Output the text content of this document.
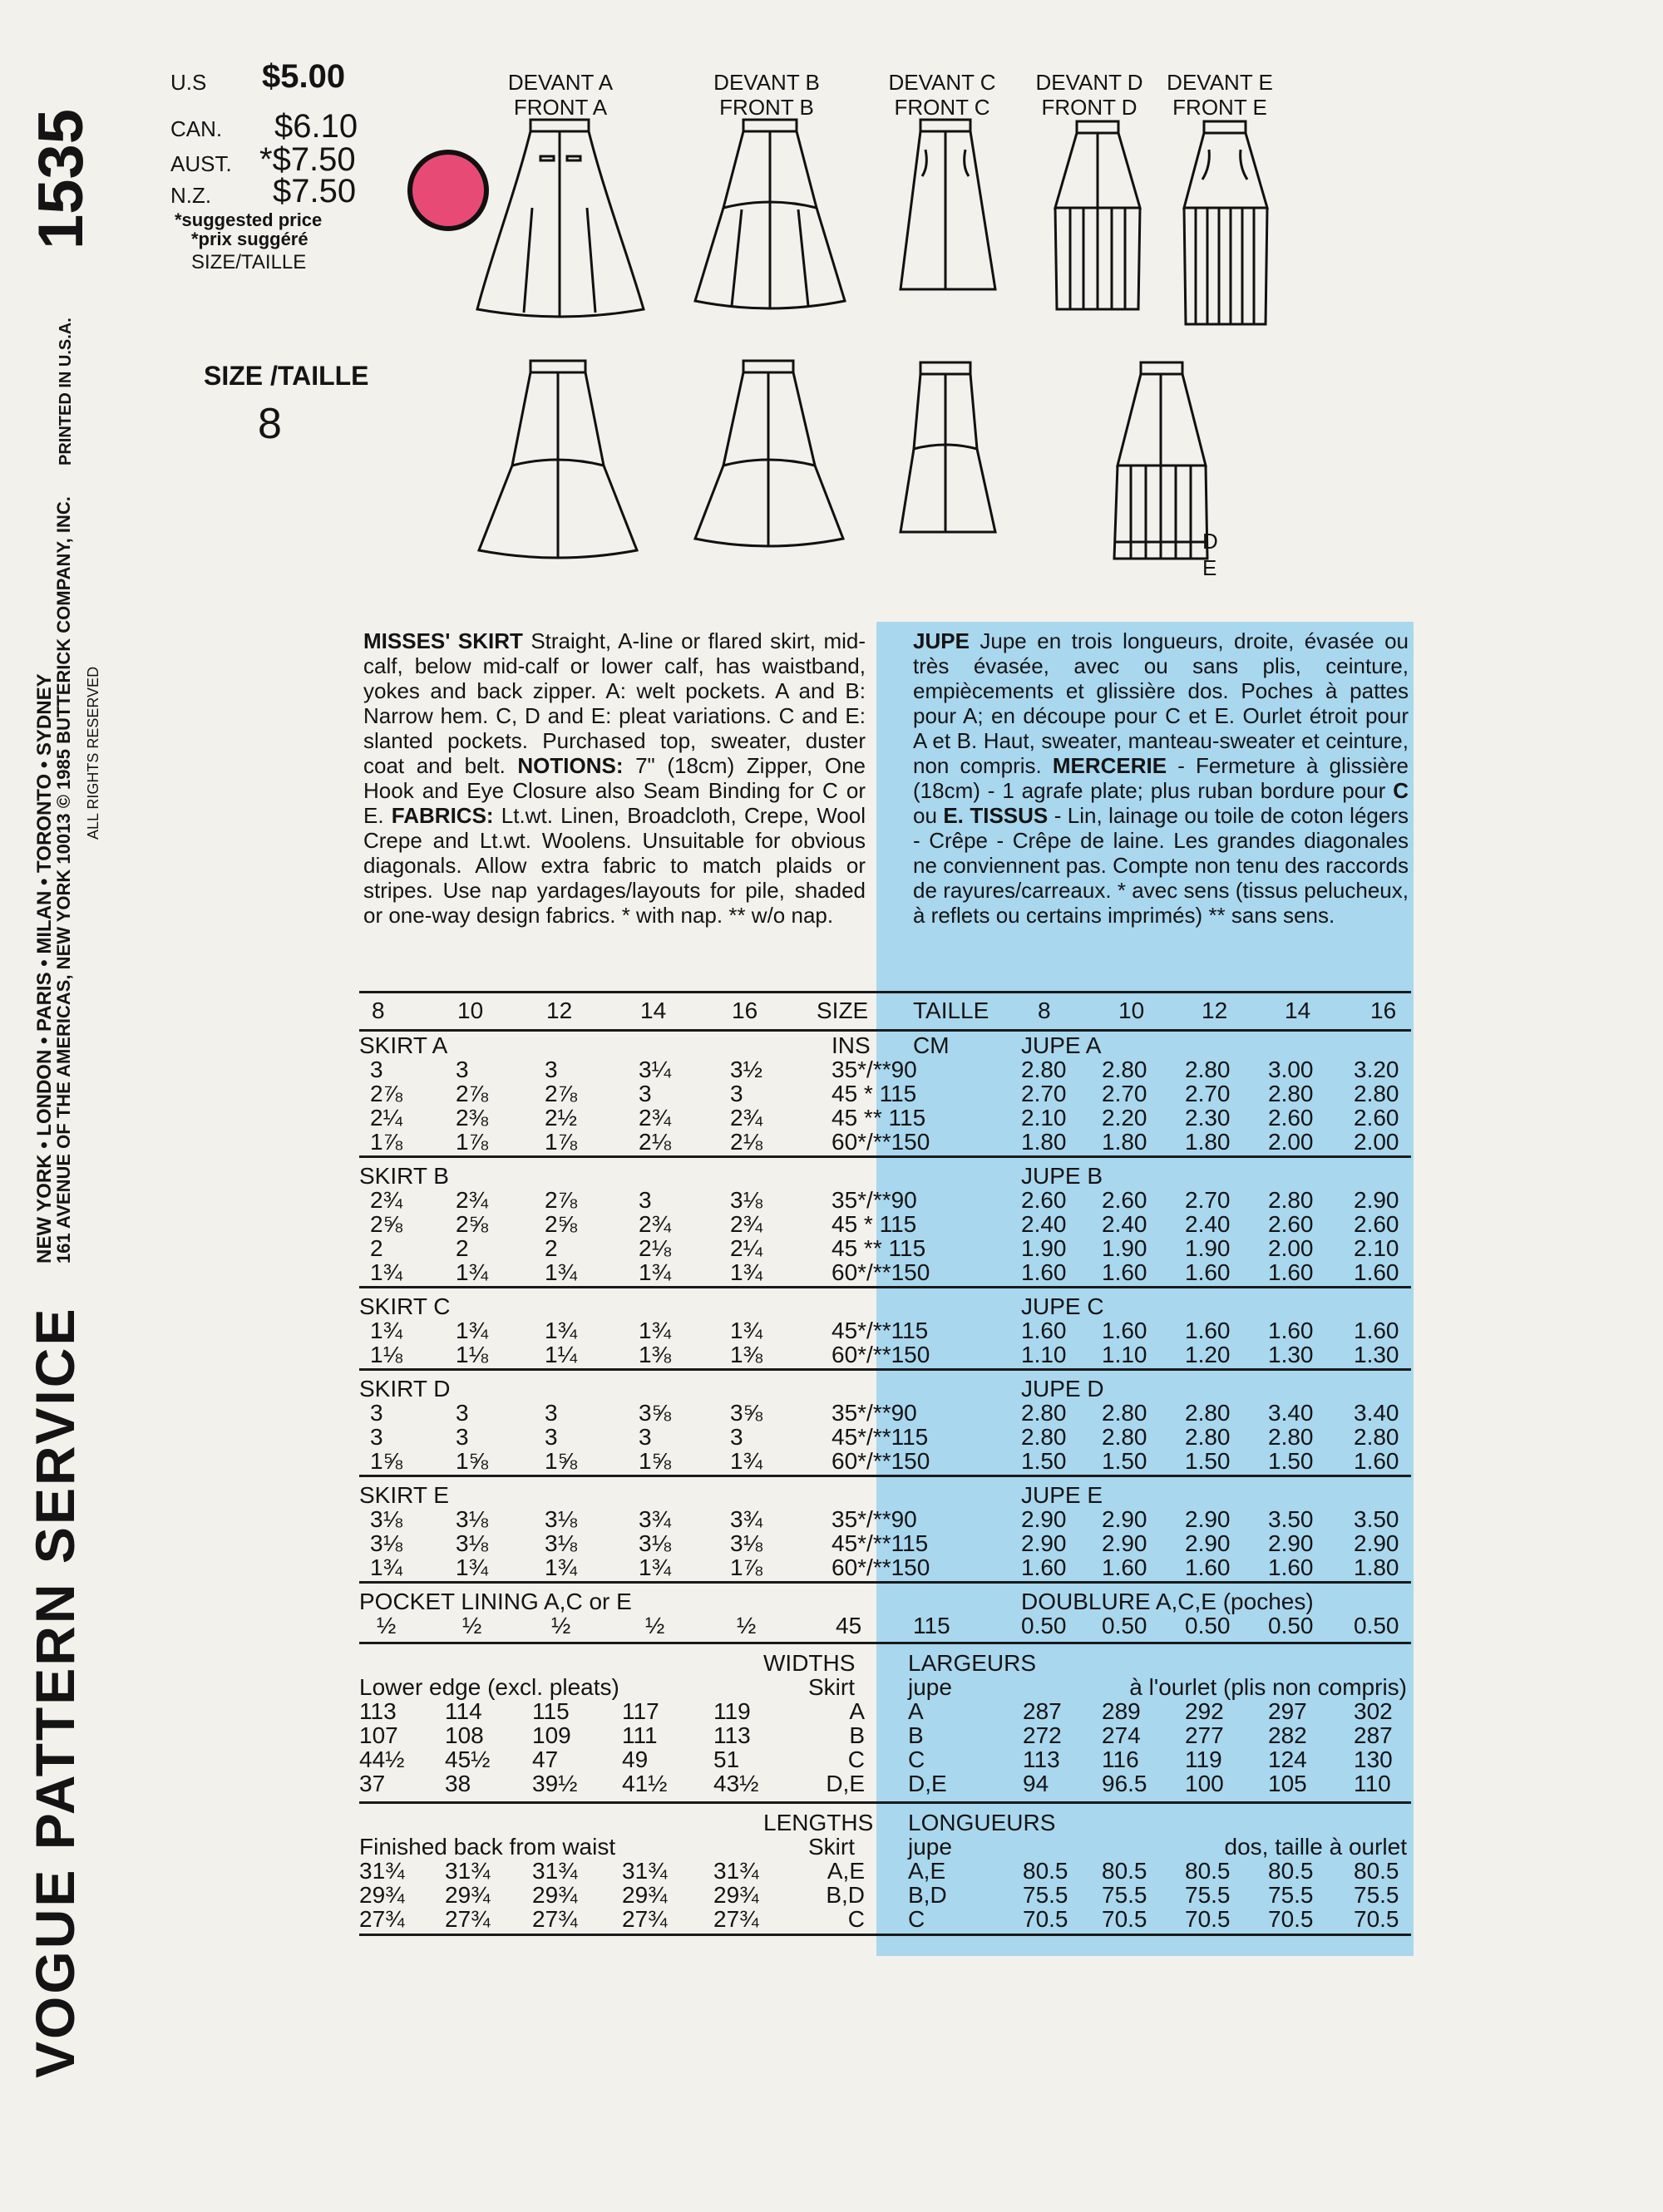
VOGUE PATTERN SERVICE
1535
NEW YORK • LONDON • PARIS • MILAN • TORONTO • SYDNEY
161 AVENUE OF THE AMERICAS, NEW YORK 10013 © 1985 BUTTERICK COMPANY, INC. ALL RIGHTS RESERVED
PRINTED IN U.S.A.
U.S $5.00
CAN. $6.10
AUST. *$7.50
N.Z. $7.50
*suggested price
*prix suggéré
SIZE/TAILLE
SIZE /TAILLE
8
DEVANT A
FRONT A
DEVANT B
FRONT B
DEVANT C
FRONT C
DEVANT D
FRONT D
DEVANT E
FRONT E
D
E
MISSES' SKIRT Straight, A-line or flared skirt, mid-calf, below mid-calf or lower calf, has waistband, yokes and back zipper. A: welt pockets. A and B: Narrow hem. C, D and E: pleat variations. C and E: slanted pockets. Purchased top, sweater, duster coat and belt. NOTIONS: 7" (18cm) Zipper, One Hook and Eye Closure also Seam Binding for C or E. FABRICS: Lt.wt. Linen, Broadcloth, Crepe, Wool Crepe and Lt.wt. Woolens. Unsuitable for obvious diagonals. Allow extra fabric to match plaids or stripes. Use nap yardages/layouts for pile, shaded or one-way design fabrics. * with nap. ** w/o nap.
JUPE Jupe en trois longueurs, droite, évasée ou très évasée, avec ou sans plis, ceinture, empiècements et glissière dos. Poches à pattes pour A; en découpe pour C et E. Ourlet étroit pour A et B. Haut, sweater, manteau-sweater et ceinture, non compris. MERCERIE - Fermeture à glissière (18cm) - 1 agrafe plate; plus ruban bordure pour C ou E. TISSUS - Lin, lainage ou toile de coton légers - Crêpe - Crêpe de laine. Les grandes diagonales ne conviennent pas. Compte non tenu des raccords de rayures/carreaux. * avec sens (tissus pelucheux, à reflets ou certains imprimés) ** sans sens.
8	10	12	14	16	SIZE TAILLE 8	10 12 14	16
SKIRT A	JUPE A
INS CM
3	3	3	3¼	3½	35*/**90	2.80 2.80 2.80 3.00 3.20
2⅞ 2⅞ 2⅞	3	3	45 * 115	2.70 2.70 2.70 2.80 2.80
2¼ 2⅜ 2½	2¾	2¾	45 ** 115	2.10 2.20 2.30 2.60 2.60
1⅞ 1⅞ 1⅞	2⅛	2⅛	60*/**150	1.80 1.80 1.80 2.00 2.00
SKIRT B	JUPE B
2¾ 2¾ 2⅞	3	3⅛	35*/**90	2.60 2.60 2.70 2.80 2.90
2⅝ 2⅝ 2⅝	2¾	2¾	45 * 115	2.40 2.40 2.40 2.60 2.60
2	2	2	2⅛	2¼	45 ** 115	1.90 1.90 1.90 2.00 2.10
1¾ 1¾ 1¾	1¾	1¾	60*/**150	1.60 1.60 1.60 1.60 1.60
SKIRT C	JUPE C
1¾ 1¾ 1¾	1¾	1¾	45*/**115	1.60 1.60 1.60 1.60 1.60
1⅛ 1⅛ 1¼	1⅜	1⅜	60*/**150	1.10 1.10 1.20 1.30 1.30
SKIRT D	JUPE D
3	3	3	3⅝	3⅝	35*/**90	2.80 2.80 2.80 3.40 3.40
3	3	3	3	3	45*/**115	2.80 2.80 2.80 2.80 2.80
1⅝ 1⅝ 1⅝	1⅝	1¾	60*/**150	1.50 1.50 1.50 1.50 1.60
SKIRT E	JUPE E
3⅛ 3⅛ 3⅛	3¾	3¾	35*/**90	2.90 2.90 2.90 3.50 3.50
3⅛ 3⅛ 3⅛	3⅛	3⅛	45*/**115	2.90 2.90 2.90 2.90 2.90
1¾ 1¾ 1¾	1¾	1⅞	60*/**150	1.60 1.60 1.60 1.60 1.80
POCKET LINING A,C or E	DOUBLURE A,C,E (poches)
½	½	½	½	½	45 115	0.50 0.50 0.50 0.50 0.50
WIDTHS LARGEURS
Lower edge (excl. pleats)	Skirt jupe	à l'ourlet (plis non compris)
113 114 115 117 119	A A	287 289 292 297 302
107 108 109 111 113	B B	272 274 277 282 287
44½ 45½ 47	49	51	C C	113 116 119 124 130
37	38	39½ 41½ 43½	D,E D,E	94 96.5 100 105 110
LENGTHS LONGUEURS
Finished back from waist	Skirt jupe	dos, taille à ourlet
31¾ 31¾ 31¾ 31¾ 31¾	A,E A,E	80.5 80.5 80.5 80.5 80.5
29¾ 29¾ 29¾ 29¾ 29¾	B,D B,D	75.5 75.5 75.5 75.5 75.5
27¾ 27¾ 27¾ 27¾ 27¾	C C	70.5 70.5 70.5 70.5 70.5
